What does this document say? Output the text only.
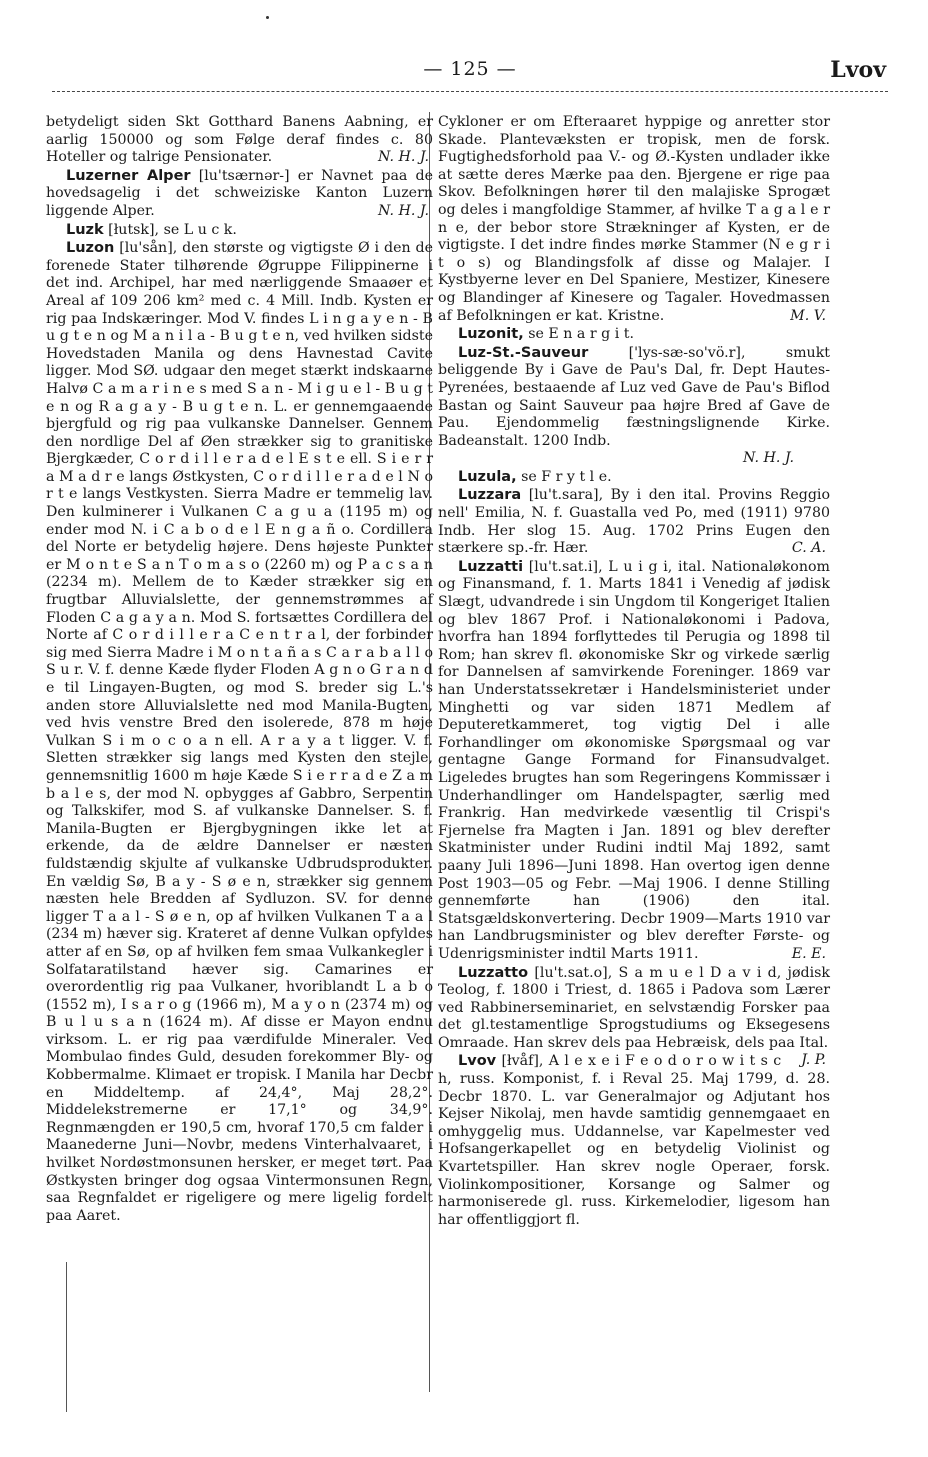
— 125 —	Lvov

betydeligt siden Skt Gotthard Banens Aabning, er aarlig 150000 og som Følge deraf findes c. 80 Hoteller og talrige Pensionater.	N. H. J.

Luzerner Alper [lu'tsærnər-] er Navnet paa de hovedsagelig i det schweiziske Kanton Luzern liggende Alper.	N. H. J.

Luzk [łutsk], se L u c k.

Luzon [lu'sån], den største og vigtigste Ø i den de forenede Stater tilhørende Øgruppe Filippinerne i det ind. Archipel, har med nærliggende Smaaøer et Areal af 109 206 km² med c. 4 Mill. Indb. Kysten er rig paa Indskæringer. Mod V. findes L i n g a y e n - B u g t e n og M a n i l a - B u g t e n, ved hvilken sidste Hovedstaden Manila og dens Havnestad Cavite ligger. Mod SØ. udgaar den meget stærkt indskaarne Halvø C a m a r i n e s med S a n - M i g u e l - B u g t e n og R a g a y - B u g t e n. L. er gennemgaaende bjergfuld og rig paa vulkanske Dannelser. Gennem den nordlige Del af Øen strækker sig to granitiske Bjergkæder, C o r d i l l e r a d e l E s t e ell. S i e r r a M a d r e langs Østkysten, C o r d i l l e r a d e l N o r t e langs Vestkysten. Sierra Madre er temmelig lav. Den kulminerer i Vulkanen C a g u a (1195 m) og ender mod N. i C a b o d e l E n g a ñ o. Cordillera del Norte er betydelig højere. Dens højeste Punkter er M o n t e S a n T o m a s o (2260 m) og P a c s a n (2234 m). Mellem de to Kæder strækker sig en frugtbar Alluvialslette, der gennemstrømmes af Floden C a g a y a n. Mod S. fortsættes Cordillera del Norte af C o r d i l l e r a C e n t r a l, der forbinder sig med Sierra Madre i M o n t a ñ a s C a r a b a l l o S u r. V. f. denne Kæde flyder Floden A g n o G r a n d e til Lingayen-Bugten, og mod S. breder sig L.'s anden store Alluvialslette ned mod Manila-Bugten, ved hvis venstre Bred den isolerede, 878 m høje Vulkan S i m o c o a n ell. A r a y a t ligger. V. f. Sletten strækker sig langs med Kysten den stejle, gennemsnitlig 1600 m høje Kæde S i e r r a d e Z a m b a l e s, der mod N. opbygges af Gabbro, Serpentin og Talkskifer, mod S. af vulkanske Dannelser. S. f. Manila-Bugten er Bjergbygningen ikke let at erkende, da de ældre Dannelser er næsten fuldstændig skjulte af vulkanske Udbrudsprodukter. En vældig Sø, B a y - S ø e n, strækker sig gennem næsten hele Bredden af Sydluzon. SV. for denne ligger T a a l - S ø e n, op af hvilken Vulkanen T a a l (234 m) hæver sig. Krateret af denne Vulkan opfyldes atter af en Sø, op af hvilken fem smaa Vulkankegler i Solfataratilstand hæver sig. Camarines er overordentlig rig paa Vulkaner, hvoriblandt L a b o (1552 m), I s a r o g (1966 m), M a y o n (2374 m) og B u l u s a n (1624 m). Af disse er Mayon endnu virksom. L. er rig paa værdifulde Mineraler. Ved Mombulao findes Guld, desuden forekommer Bly- og Kobbermalme. Klimaet er tropisk. I Manila har Decbr en Middeltemp. af 24,4°, Maj 28,2°. Middelekstremerne er 17,1° og 34,9°. Regnmængden er 190,5 cm, hvoraf 170,5 cm falder i Maanederne Juni—Novbr, medens Vinterhalvaaret, i hvilket Nordøstmonsunen hersker, er meget tørt. Paa Østkysten bringer dog ogsaa Vintermonsunen Regn, saa Regnfaldet er rigeligere og mere ligelig fordelt paa Aaret.

Cykloner er om Efteraaret hyppige og anretter stor Skade. Plantevæksten er tropisk, men de forsk. Fugtighedsforhold paa V.- og Ø.-Kysten undlader ikke at sætte deres Mærke paa den. Bjergene er rige paa Skov. Befolkningen hører til den malajiske Sprogæt og deles i mangfoldige Stammer, af hvilke T a g a l e r n e, der bebor store Strækninger af Kysten, er de vigtigste. I det indre findes mørke Stammer (N e g r i t o s) og Blandingsfolk af disse og Malajer. I Kystbyerne lever en Del Spaniere, Mestizer, Kinesere og Blandinger af Kinesere og Tagaler. Hovedmassen af Befolkningen er kat. Kristne.	M. V.

Luzonit, se E n a r g i t.

Luz-St.-Sauveur ['lys-sæ-so'vö.r], smukt beliggende By i Gave de Pau's Dal, fr. Dept Hautes-Pyrenées, bestaaende af Luz ved Gave de Pau's Biflod Bastan og Saint Sauveur paa højre Bred af Gave de Pau. Ejendommelig fæstningslignende Kirke. Badeanstalt. 1200 Indb.
N. H. J.

Luzula, se F r y t l e.

Luzzara [lu't.sara], By i den ital. Provins Reggio nell' Emilia, N. f. Guastalla ved Po, med (1911) 9780 Indb. Her slog 15. Aug. 1702 Prins Eugen den stærkere sp.-fr. Hær.	C. A.

Luzzatti [lu't.sat.i], L u i g i, ital. Nationaløkonom og Finansmand, f. 1. Marts 1841 i Venedig af jødisk Slægt, udvandrede i sin Ungdom til Kongeriget Italien og blev 1867 Prof. i Nationaløkonomi i Padova, hvorfra han 1894 forflyttedes til Perugia og 1898 til Rom; han skrev fl. økonomiske Skr og virkede særlig for Dannelsen af samvirkende Foreninger. 1869 var han Understatssekretær i Handelsministeriet under Minghetti og var siden 1871 Medlem af Deputeretkammeret, tog vigtig Del i alle Forhandlinger om økonomiske Spørgsmaal og var gentagne Gange Formand for Finansudvalget. Ligeledes brugtes han som Regeringens Kommissær i Underhandlinger om Handelspagter, særlig med Frankrig. Han medvirkede væsentlig til Crispi's Fjernelse fra Magten i Jan. 1891 og blev derefter Skatminister under Rudini indtil Maj 1892, samt paany Juli 1896—Juni 1898. Han overtog igen denne Post 1903—05 og Febr. —Maj 1906. I denne Stilling gennemførte han (1906) den ital. Statsgældskonvertering. Decbr 1909—Marts 1910 var han Landbrugsminister og blev derefter Første- og Udenrigsminister indtil Marts 1911.	E. E.

Luzzatto [lu't.sat.o], S a m u e l D a v i d, jødisk Teolog, f. 1800 i Triest, d. 1865 i Padova som Lærer ved Rabbinerseminariet, en selvstændig Forsker paa det gl.testamentlige Sprogstudiums og Eksegesens Omraade. Han skrev dels paa Hebræisk, dels paa Ital.
J. P.

Lvov [łvåf], A l e x e i F e o d o r o w i t s c h, russ. Komponist, f. i Reval 25. Maj 1799, d. 28. Decbr 1870. L. var Generalmajor og Adjutant hos Kejser Nikolaj, men havde samtidig gennemgaaet en omhyggelig mus. Uddannelse, var Kapelmester ved Hofsangerkapellet og en betydelig Violinist og Kvartetspiller. Han skrev nogle Operaer, forsk. Violinkompositioner, Korsange og Salmer og harmoniserede gl. russ. Kirkemelodier, ligesom han har offentliggjort fl.
